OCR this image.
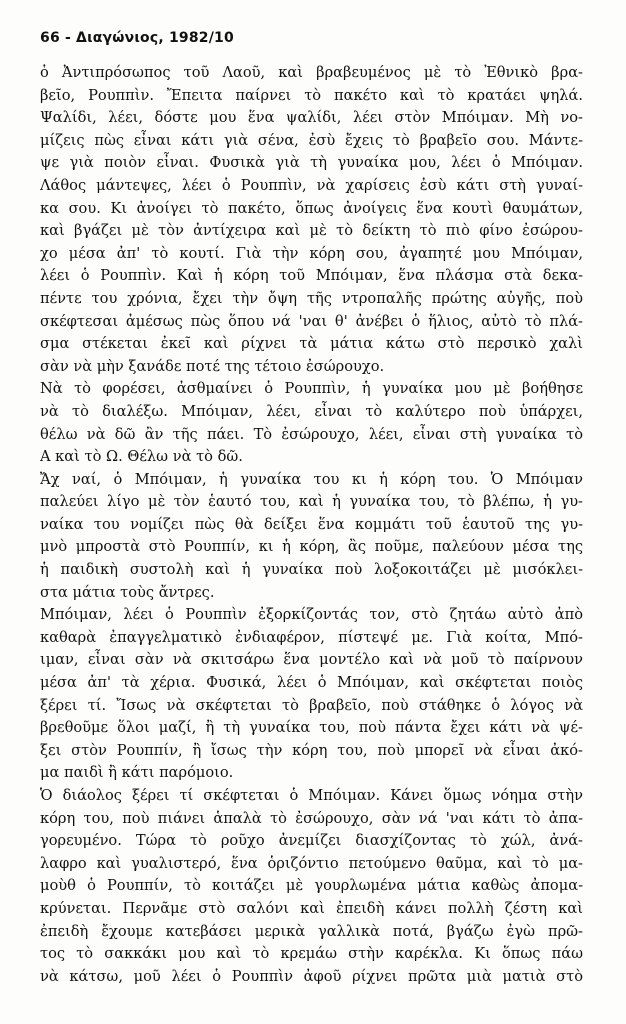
66 - Διαγώνιος, 1982/10
ὁ Ἀντιπρόσωπος τοῦ Λαοῦ, καὶ βραβευμένος μὲ τὸ Ἐθνικὸ βρα-
βεῖο, Ρουππὶν. Ἔπειτα παίρνει τὸ πακέτο καὶ τὸ κρατάει ψηλά.
Ψαλίδι, λέει, δόστε μου ἕνα ψαλίδι, λέει στὸν Μπόιμαν. Μὴ νο-
μίζεις πὼς εἶναι κάτι γιὰ σένα, ἐσὺ ἔχεις τὸ βραβεῖο σου. Μάντε-
ψε γιὰ ποιὸν εἶναι. Φυσικὰ γιὰ τὴ γυναίκα μου, λέει ὁ Μπόιμαν.
Λάθος μάντεψες, λέει ὁ Ρουππὶν, νὰ χαρίσεις ἐσὺ κάτι στὴ γυναί-
κα σου. Κι ἀνοίγει τὸ πακέτο, ὅπως ἀνοίγεις ἕνα κουτὶ θαυμάτων,
καὶ βγάζει μὲ τὸν ἀντίχειρα καὶ μὲ τὸ δείκτη τὸ πιὸ φίνο ἐσώρου-
χο μέσα ἀπ' τὸ κουτί. Γιὰ τὴν κόρη σου, ἀγαπητέ μου Μπόιμαν,
λέει ὁ Ρουππὶν. Καὶ ἡ κόρη τοῦ Μπόιμαν, ἕνα πλάσμα στὰ δεκα-
πέντε του χρόνια, ἔχει τὴν ὄψη τῆς ντροπαλῆς πρώτης αὐγῆς, ποὺ
σκέφτεσαι ἀμέσως πὼς ὅπου νά 'ναι θ' ἀνέβει ὁ ἥλιος, αὐτὸ τὸ πλά-
σμα στέκεται ἐκεῖ καὶ ρίχνει τὰ μάτια κάτω στὸ περσικὸ χαλὶ
σὰν νὰ μὴν ξανάδε ποτέ της τέτοιο ἐσώρουχο.
Νὰ τὸ φορέσει, ἀσθμαίνει ὁ Ρουππὶν, ἡ γυναίκα μου μὲ βοήθησε
νὰ τὸ διαλέξω. Μπόιμαν, λέει, εἶναι τὸ καλύτερο ποὺ ὑπάρχει,
θέλω νὰ δῶ ἂν τῆς πάει. Τὸ ἐσώρουχο, λέει, εἶναι στὴ γυναίκα τὸ
Α καὶ τὸ Ω. Θέλω νὰ τὸ δῶ.
Ἄχ ναί, ὁ Μπόιμαν, ἡ γυναίκα του κι ἡ κόρη του. Ὁ Μπόιμαν
παλεύει λίγο μὲ τὸν ἑαυτό του, καὶ ἡ γυναίκα του, τὸ βλέπω, ἡ γυ-
ναίκα του νομίζει πὼς θὰ δείξει ἕνα κομμάτι τοῦ ἑαυτοῦ της γυ-
μνὸ μπροστὰ στὸ Ρουππίν, κι ἡ κόρη, ἂς ποῦμε, παλεύουν μέσα της
ἡ παιδικὴ συστολὴ καὶ ἡ γυναίκα ποὺ λοξοκοιτάζει μὲ μισόκλει-
στα μάτια τοὺς ἄντρες.
Μπόιμαν, λέει ὁ Ρουππὶν ἐξορκίζοντάς τον, στὸ ζητάω αὐτὸ ἀπὸ
καθαρὰ ἐπαγγελματικὸ ἐνδιαφέρον, πίστεψέ με. Γιὰ κοίτα, Μπό-
ιμαν, εἶναι σὰν νὰ σκιτσάρω ἕνα μοντέλο καὶ νὰ μοῦ τὸ παίρνουν
μέσα ἀπ' τὰ χέρια. Φυσικά, λέει ὁ Μπόιμαν, καὶ σκέφτεται ποιὸς
ξέρει τί. Ἴσως νὰ σκέφτεται τὸ βραβεῖο, ποὺ στάθηκε ὁ λόγος νὰ
βρεθοῦμε ὅλοι μαζί, ἢ τὴ γυναίκα του, ποὺ πάντα ἔχει κάτι νὰ ψέ-
ξει στὸν Ρουππίν, ἢ ἴσως τὴν κόρη του, ποὺ μπορεῖ νὰ εἶναι ἀκό-
μα παιδὶ ἢ κάτι παρόμοιο.
Ὁ διάολος ξέρει τί σκέφτεται ὁ Μπόιμαν. Κάνει ὅμως νόημα στὴν
κόρη του, ποὺ πιάνει ἁπαλὰ τὸ ἐσώρουχο, σὰν νά 'ναι κάτι τὸ ἀπα-
γορευμένο. Τώρα τὸ ροῦχο ἀνεμίζει διασχίζοντας τὸ χώλ, ἀνά-
λαφρο καὶ γυαλιστερό, ἕνα ὁριζόντιο πετούμενο θαῦμα, καὶ τὸ μα-
μοὺθ ὁ Ρουππίν, τὸ κοιτάζει μὲ γουρλωμένα μάτια καθὼς ἀπομα-
κρύνεται. Περνᾶμε στὸ σαλόνι καὶ ἐπειδὴ κάνει πολλὴ ζέστη καὶ
ἐπειδὴ ἔχουμε κατεβάσει μερικὰ γαλλικὰ ποτά, βγάζω ἐγὼ πρῶ-
τος τὸ σακκάκι μου καὶ τὸ κρεμάω στὴν καρέκλα. Κι ὅπως πάω
νὰ κάτσω, μοῦ λέει ὁ Ρουππὶν ἀφοῦ ρίχνει πρῶτα μιὰ ματιὰ στὸ
